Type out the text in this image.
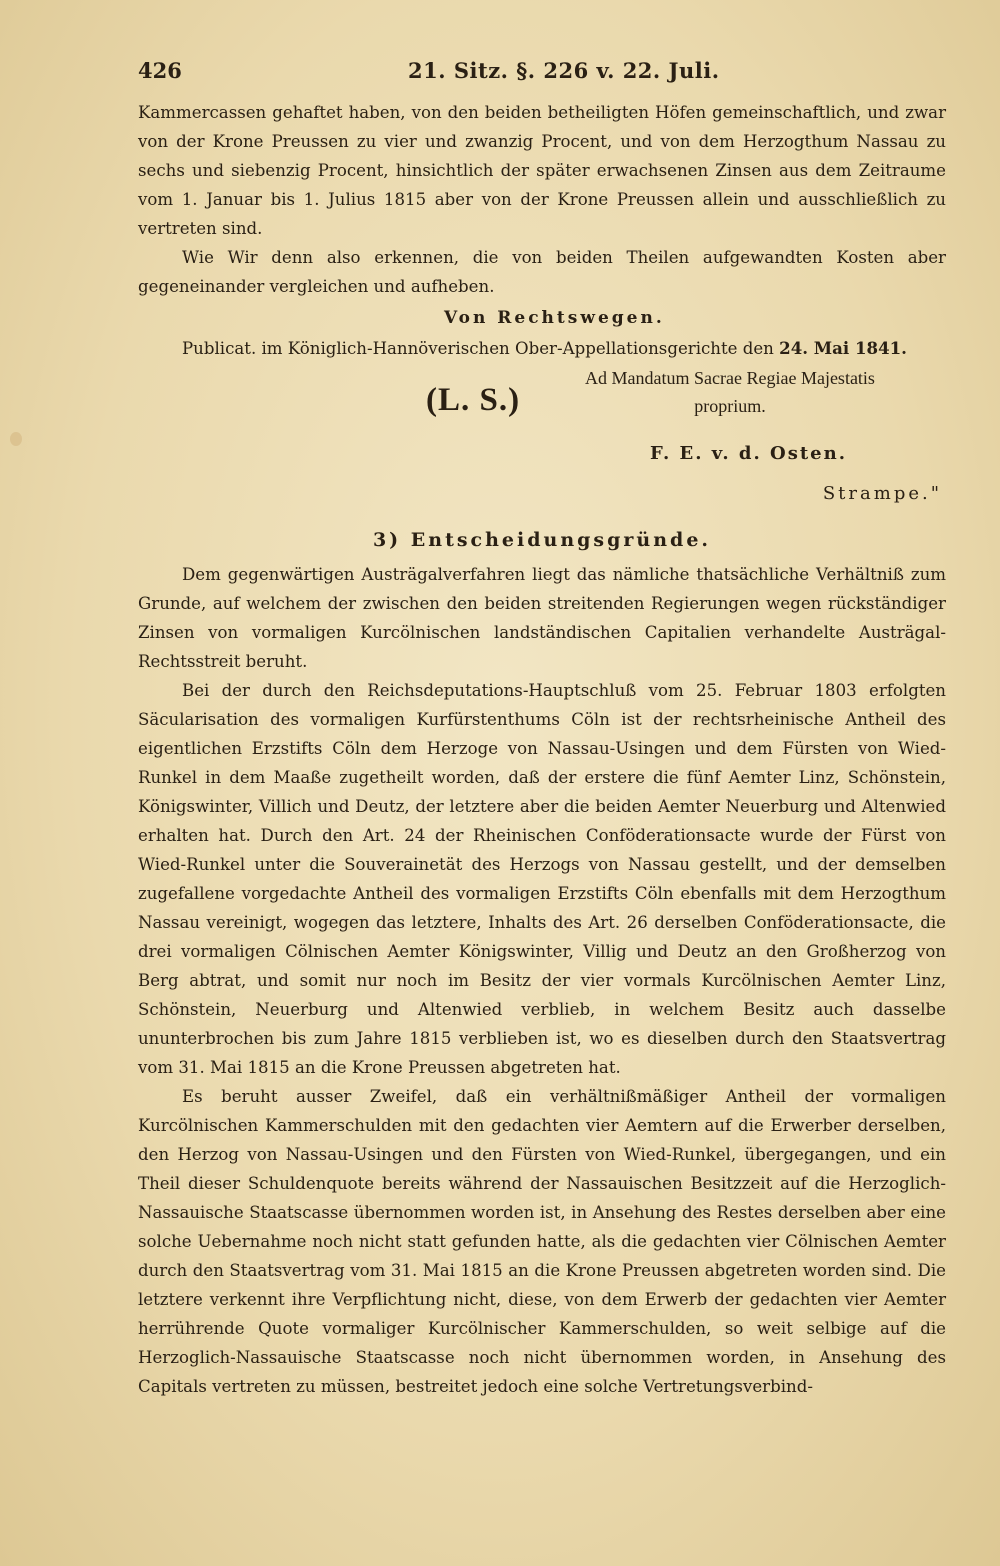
426	21. Sitz. §. 226 v. 22. Juli.

Kammercassen gehaftet haben, von den beiden betheiligten Höfen gemeinschaftlich, und zwar von der Krone Preussen zu vier und zwanzig Procent, und von dem Herzogthum Nassau zu sechs und siebenzig Procent, hinsichtlich der später erwachsenen Zinsen aus dem Zeitraume vom 1. Januar bis 1. Julius 1815 aber von der Krone Preussen allein und ausschließlich zu vertreten sind.

Wie Wir denn also erkennen, die von beiden Theilen aufgewandten Kosten aber gegeneinander vergleichen und aufheben.

Von Rechtswegen.
Publicat. im Königlich-Hannöverischen Ober-Appellationsgerichte den 24. Mai 1841.
Ad Mandatum Sacrae Regiae Majestatis
proprium.
(L. S.)
F. E. v. d. Osten.
Strampe."
3) Entscheidungsgründe.

Dem gegenwärtigen Austrägalverfahren liegt das nämliche thatsächliche Verhältniß zum Grunde, auf welchem der zwischen den beiden streitenden Regierungen wegen rückständiger Zinsen von vormaligen Kurcölnischen landständischen Capitalien verhandelte Austrägal-Rechtsstreit beruht.

Bei der durch den Reichsdeputations-Hauptschluß vom 25. Februar 1803 erfolgten Säcularisation des vormaligen Kurfürstenthums Cöln ist der rechtsrheinische Antheil des eigentlichen Erzstifts Cöln dem Herzoge von Nassau-Usingen und dem Fürsten von Wied-Runkel in dem Maaße zugetheilt worden, daß der erstere die fünf Aemter Linz, Schönstein, Königswinter, Villich und Deutz, der letztere aber die beiden Aemter Neuerburg und Altenwied erhalten hat. Durch den Art. 24 der Rheinischen Conföderationsacte wurde der Fürst von Wied-Runkel unter die Souverainetät des Herzogs von Nassau gestellt, und der demselben zugefallene vorgedachte Antheil des vormaligen Erzstifts Cöln ebenfalls mit dem Herzogthum Nassau vereinigt, wogegen das letztere, Inhalts des Art. 26 derselben Conföderationsacte, die drei vormaligen Cölnischen Aemter Königswinter, Villig und Deutz an den Großherzog von Berg abtrat, und somit nur noch im Besitz der vier vormals Kurcölnischen Aemter Linz, Schönstein, Neuerburg und Altenwied verblieb, in welchem Besitz auch dasselbe ununterbrochen bis zum Jahre 1815 verblieben ist, wo es dieselben durch den Staatsvertrag vom 31. Mai 1815 an die Krone Preussen abgetreten hat.

Es beruht ausser Zweifel, daß ein verhältnißmäßiger Antheil der vormaligen Kurcölnischen Kammerschulden mit den gedachten vier Aemtern auf die Erwerber derselben, den Herzog von Nassau-Usingen und den Fürsten von Wied-Runkel, übergegangen, und ein Theil dieser Schuldenquote bereits während der Nassauischen Besitzzeit auf die Herzoglich-Nassauische Staatscasse übernommen worden ist, in Ansehung des Restes derselben aber eine solche Uebernahme noch nicht statt gefunden hatte, als die gedachten vier Cölnischen Aemter durch den Staatsvertrag vom 31. Mai 1815 an die Krone Preussen abgetreten worden sind. Die letztere verkennt ihre Verpflichtung nicht, diese, von dem Erwerb der gedachten vier Aemter herrührende Quote vormaliger Kurcölnischer Kammerschulden, so weit selbige auf die Herzoglich-Nassauische Staatscasse noch nicht übernommen worden, in Ansehung des Capitals vertreten zu müssen, bestreitet jedoch eine solche Vertretungsverbind-
